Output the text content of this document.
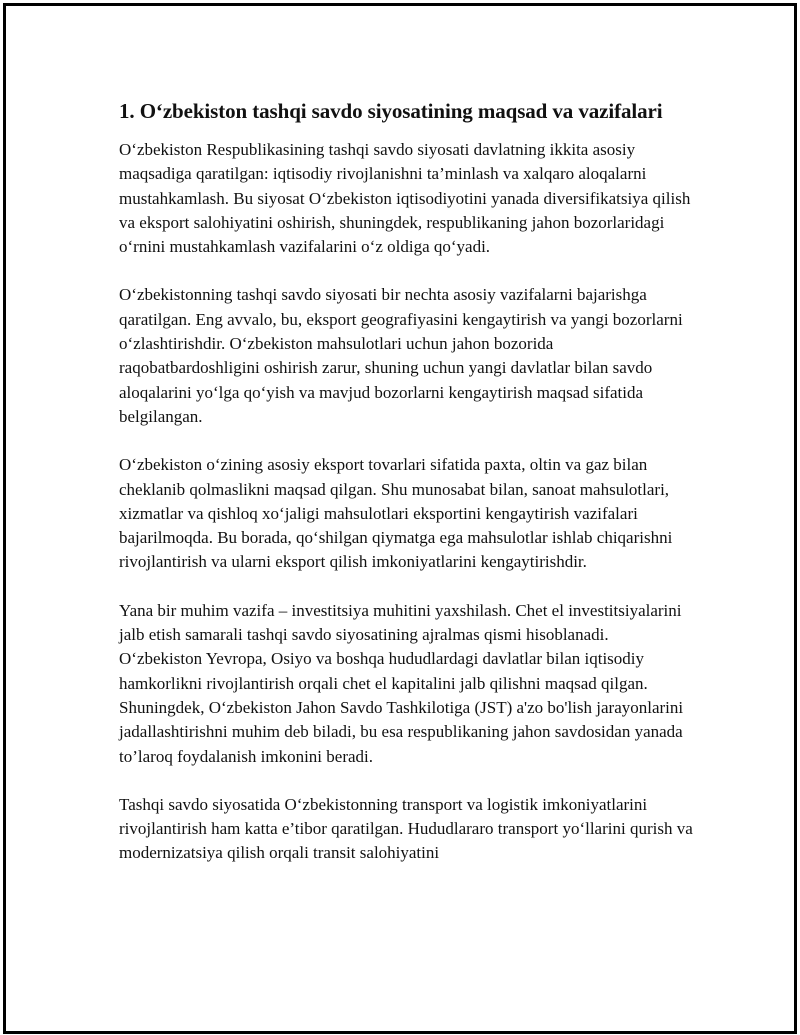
1. O‘zbekiston tashqi savdo siyosatining maqsad va vazifalari

O‘zbekiston Respublikasining tashqi savdo siyosati davlatning ikkita asosiy maqsadiga qaratilgan: iqtisodiy rivojlanishni ta’minlash va xalqaro aloqalarni mustahkamlash. Bu siyosat O‘zbekiston iqtisodiyotini yanada diversifikatsiya qilish va eksport salohiyatini oshirish, shuningdek, respublikaning jahon bozorlaridagi o‘rnini mustahkamlash vazifalarini o‘z oldiga qo‘yadi.

O‘zbekistonning tashqi savdo siyosati bir nechta asosiy vazifalarni bajarishga qaratilgan. Eng avvalo, bu, eksport geografiyasini kengaytirish va yangi bozorlarni o‘zlashtirishdir. O‘zbekiston mahsulotlari uchun jahon bozorida raqobatbardoshligini oshirish zarur, shuning uchun yangi davlatlar bilan savdo aloqalarini yo‘lga qo‘yish va mavjud bozorlarni kengaytirish maqsad sifatida belgilangan.

O‘zbekiston o‘zining asosiy eksport tovarlari sifatida paxta, oltin va gaz bilan cheklanib qolmaslikni maqsad qilgan. Shu munosabat bilan, sanoat mahsulotlari, xizmatlar va qishloq xo‘jaligi mahsulotlari eksportini kengaytirish vazifalari bajarilmoqda. Bu borada, qo‘shilgan qiymatga ega mahsulotlar ishlab chiqarishni rivojlantirish va ularni eksport qilish imkoniyatlarini kengaytirishdir.

Yana bir muhim vazifa – investitsiya muhitini yaxshilash. Chet el investitsiyalarini jalb etish samarali tashqi savdo siyosatining ajralmas qismi hisoblanadi. O‘zbekiston Yevropa, Osiyo va boshqa hududlardagi davlatlar bilan iqtisodiy hamkorlikni rivojlantirish orqali chet el kapitalini jalb qilishni maqsad qilgan. Shuningdek, O‘zbekiston Jahon Savdo Tashkilotiga (JST) a'zo bo'lish jarayonlarini jadallashtirishni muhim deb biladi, bu esa respublikaning jahon savdosidan yanada to’laroq foydalanish imkonini beradi.

Tashqi savdo siyosatida O‘zbekistonning transport va logistik imkoniyatlarini rivojlantirish ham katta e’tibor qaratilgan. Hududlararo transport yo‘llarini qurish va modernizatsiya qilish orqali transit salohiyatini
